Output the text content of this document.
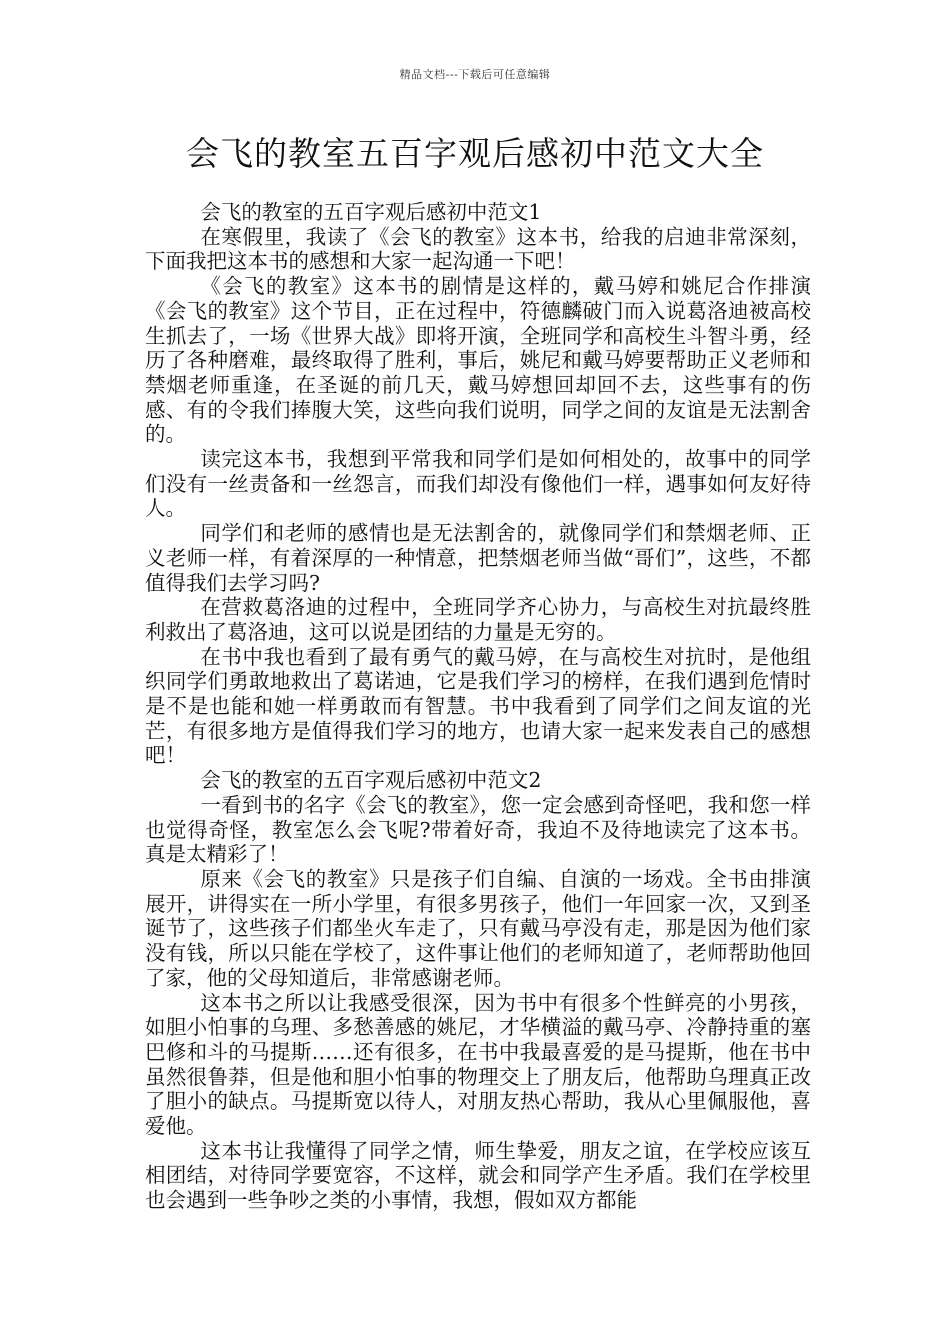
精品文档---下载后可任意编辑
会飞的教室五百字观后感初中范文大全

会飞的教室的五百字观后感初中范文1

在寒假里，我读了《会飞的教室》这本书，给我的启迪非常深刻，下面我把这本书的感想和大家一起沟通一下吧！

《会飞的教室》这本书的剧情是这样的，戴马婷和姚尼合作排演《会飞的教室》这个节目，正在过程中，符德麟破门而入说葛洛迪被高校生抓去了，一场《世界大战》即将开演，全班同学和高校生斗智斗勇，经历了各种磨难，最终取得了胜利，事后，姚尼和戴马婷要帮助正义老师和禁烟老师重逢，在圣诞的前几天，戴马婷想回却回不去，这些事有的伤感、有的令我们捧腹大笑，这些向我们说明，同学之间的友谊是无法割舍的。

读完这本书，我想到平常我和同学们是如何相处的，故事中的同学们没有一丝责备和一丝怨言，而我们却没有像他们一样，遇事如何友好待人。

同学们和老师的感情也是无法割舍的，就像同学们和禁烟老师、正义老师一样，有着深厚的一种情意，把禁烟老师当做“哥们”，这些，不都值得我们去学习吗?

在营救葛洛迪的过程中，全班同学齐心协力，与高校生对抗最终胜利救出了葛洛迪，这可以说是团结的力量是无穷的。

在书中我也看到了最有勇气的戴马婷，在与高校生对抗时，是他组织同学们勇敢地救出了葛诺迪，它是我们学习的榜样，在我们遇到危情时是不是也能和她一样勇敢而有智慧。书中我看到了同学们之间友谊的光芒，有很多地方是值得我们学习的地方，也请大家一起来发表自己的感想吧！

会飞的教室的五百字观后感初中范文2

一看到书的名字《会飞的教室》，您一定会感到奇怪吧，我和您一样也觉得奇怪，教室怎么会飞呢?带着好奇，我迫不及待地读完了这本书。真是太精彩了！

原来《会飞的教室》只是孩子们自编、自演的一场戏。全书由排演展开，讲得实在一所小学里，有很多男孩子，他们一年回家一次，又到圣诞节了，这些孩子们都坐火车走了，只有戴马亭没有走，那是因为他们家没有钱，所以只能在学校了，这件事让他们的老师知道了，老师帮助他回了家，他的父母知道后，非常感谢老师。

这本书之所以让我感受很深，因为书中有很多个性鲜亮的小男孩，如胆小怕事的乌理、多愁善感的姚尼，才华横溢的戴马亭、冷静持重的塞巴修和斗的马提斯……还有很多，在书中我最喜爱的是马提斯，他在书中虽然很鲁莽，但是他和胆小怕事的物理交上了朋友后，他帮助乌理真正改了胆小的缺点。马提斯宽以待人，对朋友热心帮助，我从心里佩服他，喜爱他。

这本书让我懂得了同学之情，师生挚爱，朋友之谊，在学校应该互相团结，对待同学要宽容，不这样，就会和同学产生矛盾。我们在学校里也会遇到一些争吵之类的小事情，我想，假如双方都能
